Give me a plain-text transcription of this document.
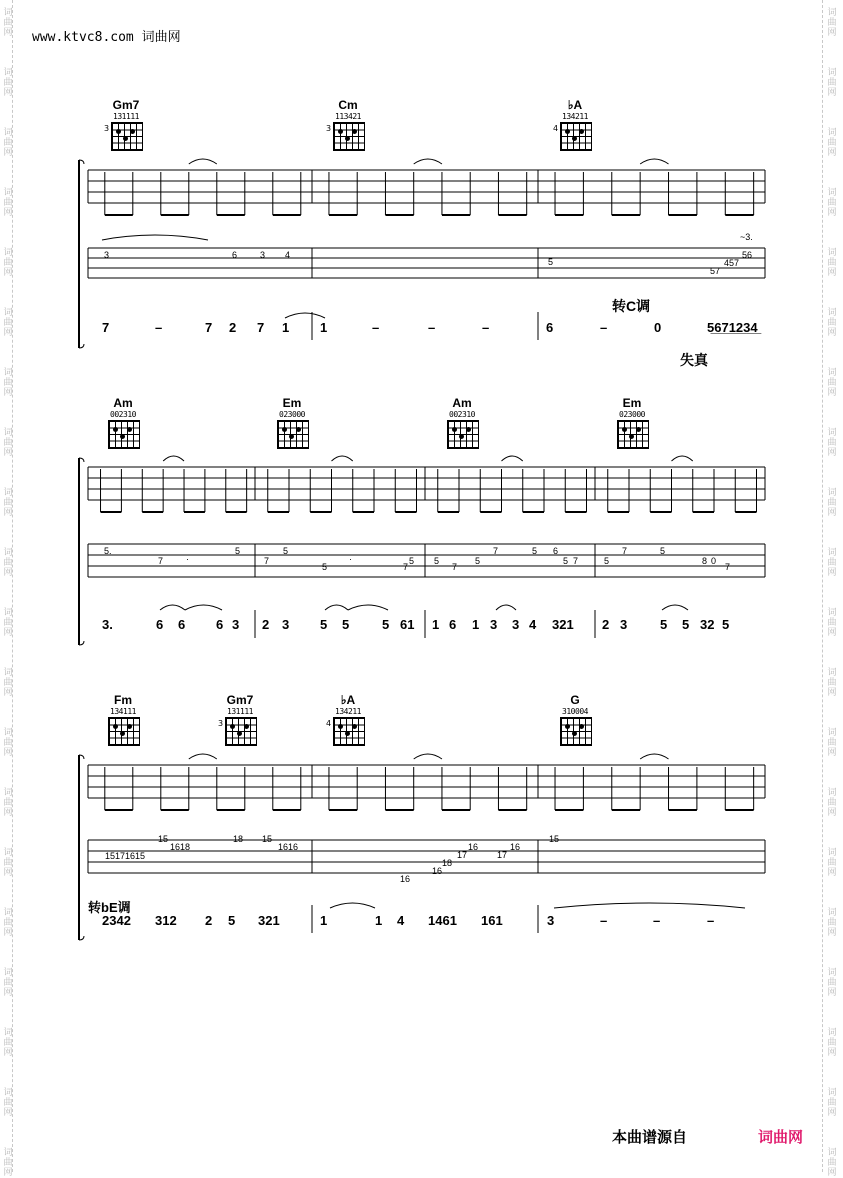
词
曲
网
词
曲
网
词
曲
网
词
曲
网
词
曲
网
词
曲
网
词
曲
网
词
曲
网
词
曲
网
词
曲
网
词
曲
网
词
曲
网
词
曲
网
词
曲
网
词
曲
网
词
曲
网
词
曲
网
词
曲
网
词
曲
网
词
曲
网
词
曲
网
词
曲
网
词
曲
网
词
曲
网
词
曲
网
词
曲
网
词
曲
网
词
曲
网
词
曲
网
词
曲
网
词
曲
网
词
曲
网
词
曲
网
词
曲
网
词
曲
网
词
曲
网
词
曲
网
词
曲
网
词
曲
网
词
曲
网
www.ktvc8.com 词曲网
Gm7
131111
3
Cm
113421
3
♭A
134211
4
Am
002310
Em
023000
Am
002310
Em
023000
Fm
134111
Gm7
131111
3
♭A
134211
4
G
310004
3	6	3 4
5
57
457
56
~3.
5.
7	·
5
7
5
5
·	5
7
5
7
5
7	5 6
5 7	5
7	5
8 0
7
15
15171615
1618
18 15
1616
16
16
18
17
16
17
16
15
7	–	7 2 7 1 1	–	–	–	6	–	0	5̲6̲7̲1̲2̲3̲4̲
3.	6 6 6 3 2 3 5 5	5 61 1 6 1 3 3 4 321 2 3	5 5 32 5
2342 312 2 5 321	1	1 4 1461 161	3	–	–	–
转C调
失真
转bE调
本曲谱源自	词曲网
